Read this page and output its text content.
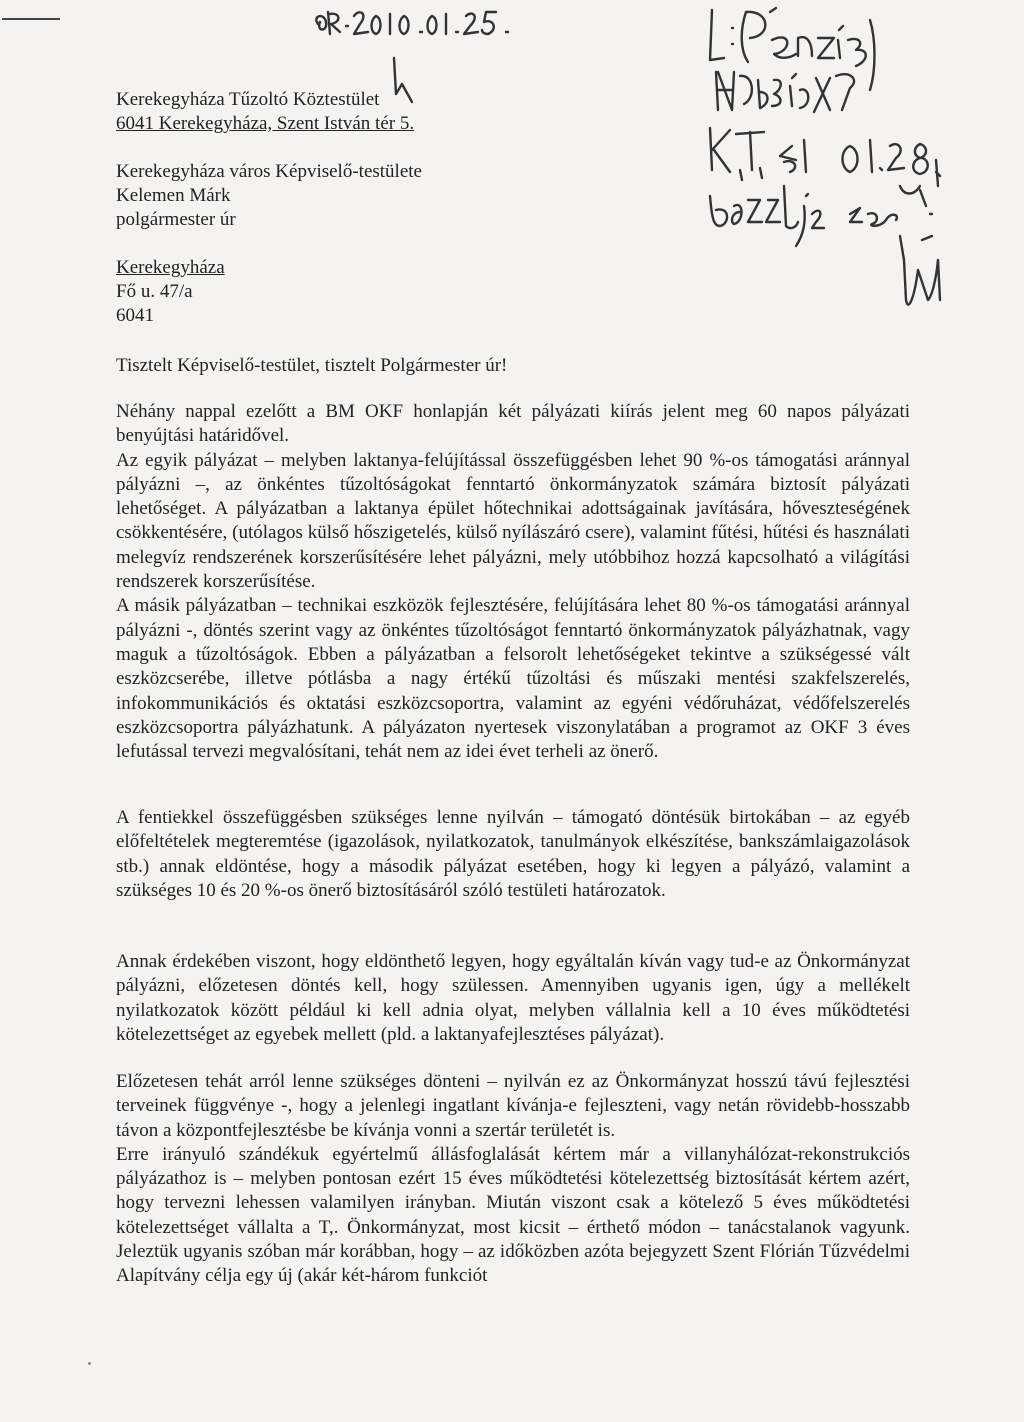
Kerekegyháza Tűzoltó Köztestület
6041 Kerekegyháza, Szent István tér 5.
Kerekegyháza város Képviselő-testülete
Kelemen Márk
polgármester úr
Kerekegyháza
Fő u. 47/a
6041
Tisztelt Képviselő-testület, tisztelt Polgármester úr!

Néhány nappal ezelőtt a BM OKF honlapján két pályázati kiírás jelent meg 60 napos pályázati benyújtási határidővel.

Az egyik pályázat – melyben laktanya-felújítással összefüggésben lehet 90 %-os támogatási aránnyal pályázni –, az önkéntes tűzoltóságokat fenntartó önkormányzatok számára biztosít pályázati lehetőséget. A pályázatban a laktanya épület hőtechnikai adottságainak javítására, hőveszteségének csökkentésére, (utólagos külső hőszigetelés, külső nyílászáró csere), valamint fűtési, hűtési és használati melegvíz rendszerének korszerűsítésére lehet pályázni, mely utóbbihoz hozzá kapcsolható a világítási rendszerek korszerűsítése.

A másik pályázatban – technikai eszközök fejlesztésére, felújítására lehet 80 %-os támogatási aránnyal pályázni -, döntés szerint vagy az önkéntes tűzoltóságot fenntartó önkormányzatok pályázhatnak, vagy maguk a tűzoltóságok. Ebben a pályázatban a felsorolt lehetőségeket tekintve a szükségessé vált eszközcserébe, illetve pótlásba a nagy értékű tűzoltási és műszaki mentési szakfelszerelés, infokommunikációs és oktatási eszközcsoportra, valamint az egyéni védőruházat, védőfelszerelés eszközcsoportra pályázhatunk. A pályázaton nyertesek viszonylatában a programot az OKF 3 éves lefutással tervezi megvalósítani, tehát nem az idei évet terheli az önerő.

A fentiekkel összefüggésben szükséges lenne nyilván – támogató döntésük birtokában – az egyéb előfeltételek megteremtése (igazolások, nyilatkozatok, tanulmányok elkészítése, bankszámlaigazolások stb.) annak eldöntése, hogy a második pályázat esetében, hogy ki legyen a pályázó, valamint a szükséges 10 és 20 %-os önerő biztosításáról szóló testületi határozatok.

Annak érdekében viszont, hogy eldönthető legyen, hogy egyáltalán kíván vagy tud-e az Önkormányzat pályázni, előzetesen döntés kell, hogy szülessen. Amennyiben ugyanis igen, úgy a mellékelt nyilatkozatok között például ki kell adnia olyat, melyben vállalnia kell a 10 éves működtetési kötelezettséget az egyebek mellett (pld. a laktanyafejlesztéses pályázat).

Előzetesen tehát arról lenne szükséges dönteni – nyilván ez az Önkormányzat hosszú távú fejlesztési terveinek függvénye -, hogy a jelenlegi ingatlant kívánja-e fejleszteni, vagy netán rövidebb-hosszabb távon a központfejlesztésbe be kívánja vonni a szertár területét is.

Erre irányuló szándékuk egyértelmű állásfoglalását kértem már a villanyhálózat-rekonstrukciós pályázathoz is – melyben pontosan ezért 15 éves működtetési kötelezettség biztosítását kértem azért, hogy tervezni lehessen valamilyen irányban. Miután viszont csak a kötelező 5 éves működtetési kötelezettséget vállalta a T,. Önkormányzat, most kicsit – érthető módon – tanácstalanok vagyunk. Jeleztük ugyanis szóban már korábban, hogy – az időközben azóta bejegyzett Szent Flórián Tűzvédelmi Alapítvány célja egy új (akár két-három funkciót
